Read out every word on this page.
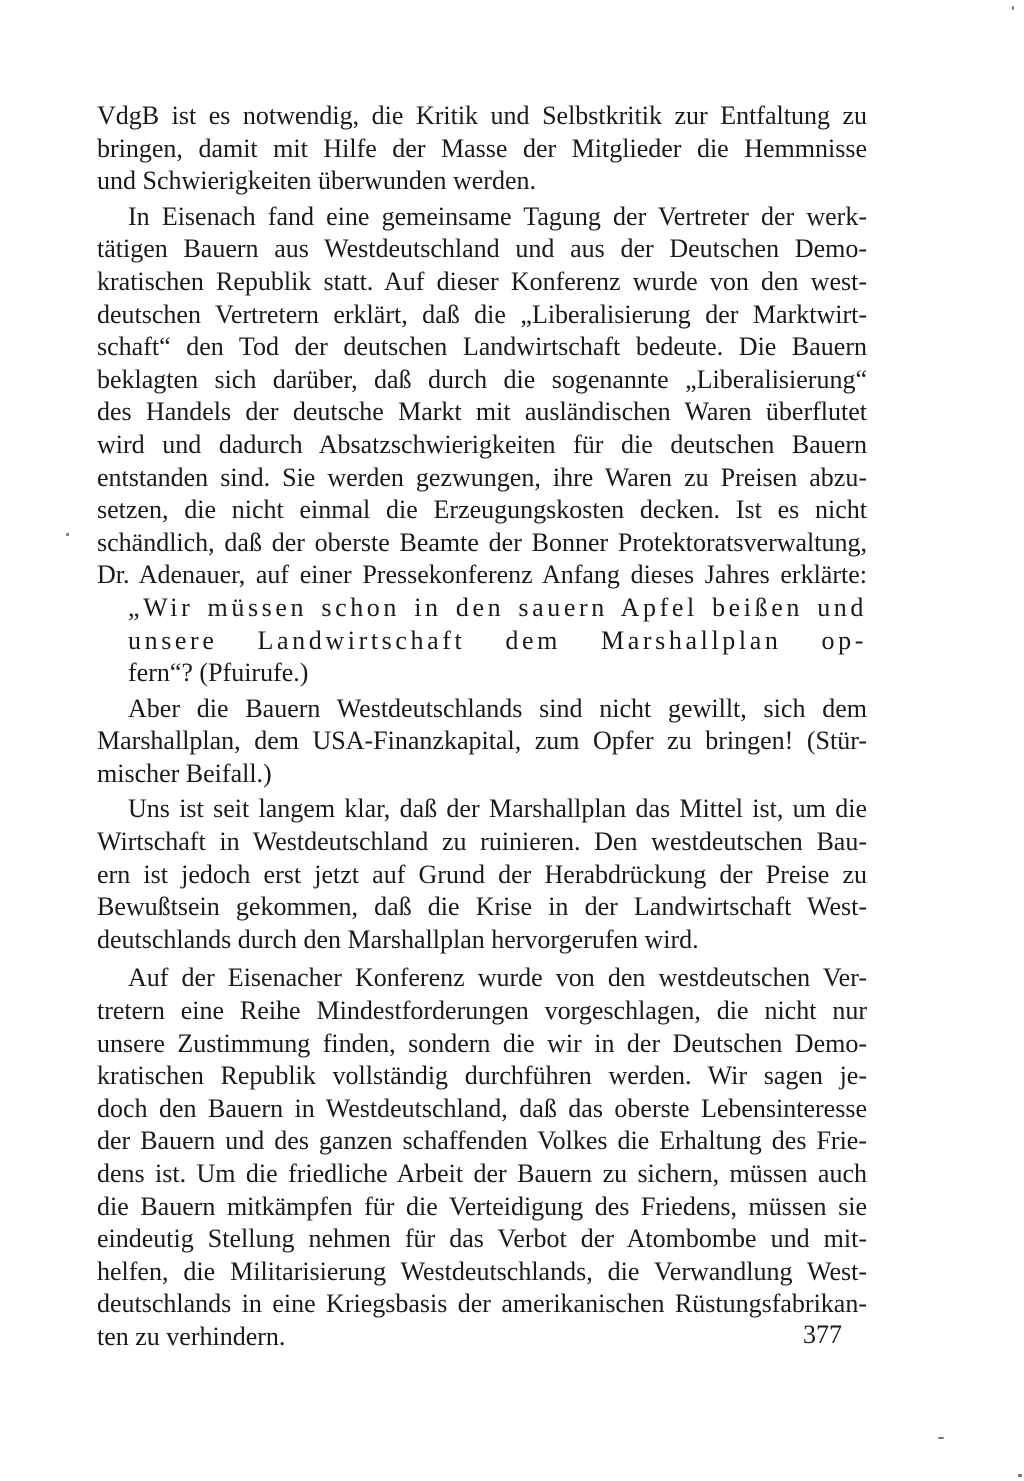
VdgB ist es notwendig, die Kritik und Selbstkritik zur Entfaltung zu
bringen, damit mit Hilfe der Masse der Mitglieder die Hemmnisse
und Schwierigkeiten überwunden werden.
In Eisenach fand eine gemeinsame Tagung der Vertreter der werk-
tätigen Bauern aus Westdeutschland und aus der Deutschen Demo-
kratischen Republik statt. Auf dieser Konferenz wurde von den west-
deutschen Vertretern erklärt, daß die „Liberalisierung der Marktwirt-
schaft“ den Tod der deutschen Landwirtschaft bedeute. Die Bauern
beklagten sich darüber, daß durch die sogenannte „Liberalisierung“
des Handels der deutsche Markt mit ausländischen Waren überflutet
wird und dadurch Absatzschwierigkeiten für die deutschen Bauern
entstanden sind. Sie werden gezwungen, ihre Waren zu Preisen abzu-
setzen, die nicht einmal die Erzeugungskosten decken. Ist es nicht
schändlich, daß der oberste Beamte der Bonner Protektoratsverwaltung,
Dr. Adenauer, auf einer Pressekonferenz Anfang dieses Jahres erklärte:
„Wir müssen schon in den sauern Apfel beißen und
unsere Landwirtschaft dem Marshallplan op-
fern“? (Pfuirufe.)
Aber die Bauern Westdeutschlands sind nicht gewillt, sich dem
Marshallplan, dem USA-Finanzkapital, zum Opfer zu bringen! (Stür-
mischer Beifall.)
Uns ist seit langem klar, daß der Marshallplan das Mittel ist, um die
Wirtschaft in Westdeutschland zu ruinieren. Den westdeutschen Bau-
ern ist jedoch erst jetzt auf Grund der Herabdrückung der Preise zu
Bewußtsein gekommen, daß die Krise in der Landwirtschaft West-
deutschlands durch den Marshallplan hervorgerufen wird.
Auf der Eisenacher Konferenz wurde von den westdeutschen Ver-
tretern eine Reihe Mindestforderungen vorgeschlagen, die nicht nur
unsere Zustimmung finden, sondern die wir in der Deutschen Demo-
kratischen Republik vollständig durchführen werden. Wir sagen je-
doch den Bauern in Westdeutschland, daß das oberste Lebensinteresse
der Bauern und des ganzen schaffenden Volkes die Erhaltung des Frie-
dens ist. Um die friedliche Arbeit der Bauern zu sichern, müssen auch
die Bauern mitkämpfen für die Verteidigung des Friedens, müssen sie
eindeutig Stellung nehmen für das Verbot der Atombombe und mit-
helfen, die Militarisierung Westdeutschlands, die Verwandlung West-
deutschlands in eine Kriegsbasis der amerikanischen Rüstungsfabrikan-
ten zu verhindern.	377
